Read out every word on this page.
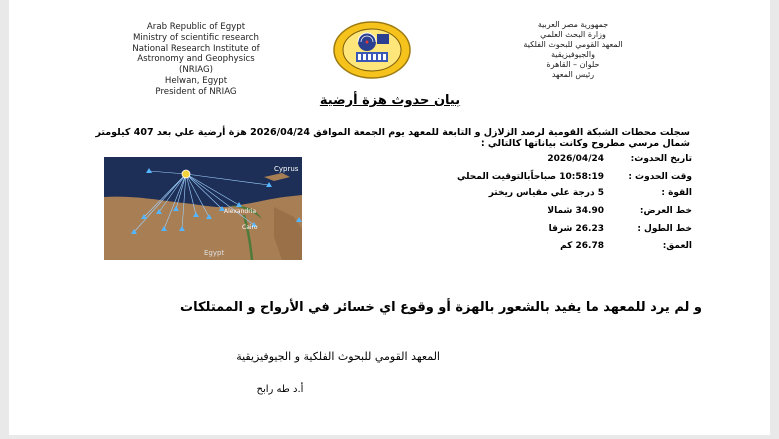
Arab Republic of Egypt
Ministry of scientific research
National Research Institute of
Astronomy and Geophysics
(NRIAG)
Helwan, Egypt
President of NRIAG
جمهورية مصر العربية
وزارة البحث العلمي
المعهد القومي للبحوث الفلكية
والجيوفيزيقية
حلوان – القاهرة
رئيس المعهد
بيان حدوث هزة أرضية
سجلت محطات الشبكة القومية لرصد الزلازل و التابعة للمعهد يوم الجمعة الموافق 2026/04/24 هزة أرضية علي بعد 407 كيلومتر شمال مرسي مطروح وكانت بياناتها كالتالي :
تاريخ الحدوث:
2026/04/24
وقت الحدوث :
10:58:19 صباحاًبالتوقيت المحلي
القوة :
5 درجة علي مقياس ريختر
خط العرض:
34.90 شمالا
خط الطول :
26.23 شرقا
العمق:
26.78 كم
Cyprus
Alexandria
Cairo
Egypt
و لم يرد للمعهد ما يفيد بالشعور بالهزة أو وقوع اي خسائر في الأرواح و الممتلكات
المعهد القومي للبحوث الفلكية و الجيوفيزيقية
أ.د طه رابح
